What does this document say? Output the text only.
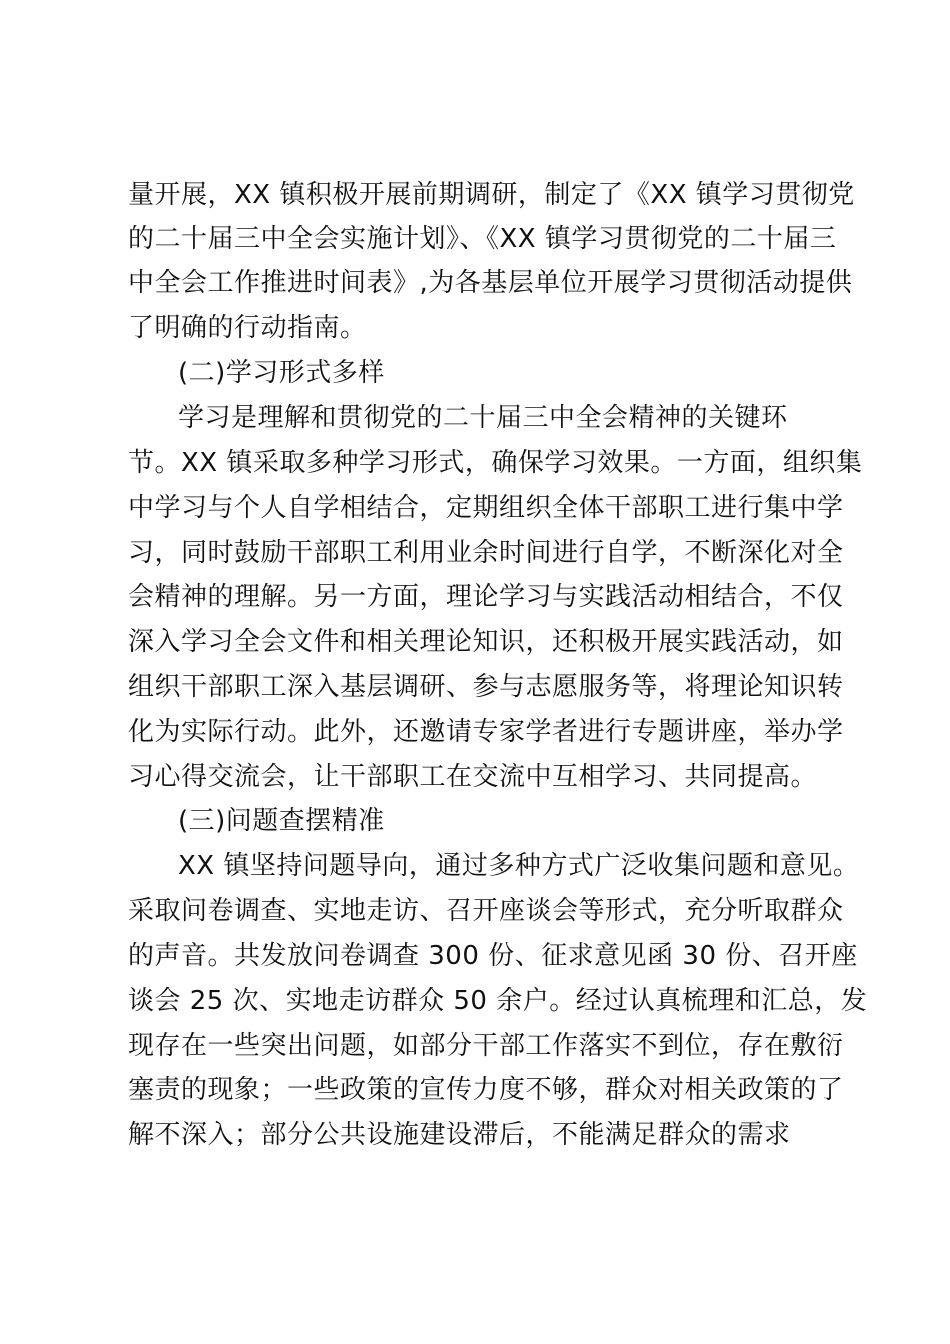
量开展，XX 镇积极开展前期调研，制定了《XX 镇学习贯彻党
的二十届三中全会实施计划》、《XX 镇学习贯彻党的二十届三
中全会工作推进时间表》,为各基层单位开展学习贯彻活动提供
了明确的行动指南。
(二)学习形式多样
学习是理解和贯彻党的二十届三中全会精神的关键环
节。XX 镇采取多种学习形式，确保学习效果。一方面，组织集
中学习与个人自学相结合，定期组织全体干部职工进行集中学
习，同时鼓励干部职工利用业余时间进行自学，不断深化对全
会精神的理解。另一方面，理论学习与实践活动相结合，不仅
深入学习全会文件和相关理论知识，还积极开展实践活动，如
组织干部职工深入基层调研、参与志愿服务等，将理论知识转
化为实际行动。此外，还邀请专家学者进行专题讲座，举办学
习心得交流会，让干部职工在交流中互相学习、共同提高。
(三)问题查摆精准
XX 镇坚持问题导向，通过多种方式广泛收集问题和意见。
采取问卷调查、实地走访、召开座谈会等形式，充分听取群众
的声音。共发放问卷调查 300 份、征求意见函 30 份、召开座
谈会 25 次、实地走访群众 50 余户。经过认真梳理和汇总，发
现存在一些突出问题，如部分干部工作落实不到位，存在敷衍
塞责的现象；一些政策的宣传力度不够，群众对相关政策的了
解不深入；部分公共设施建设滞后，不能满足群众的需求
